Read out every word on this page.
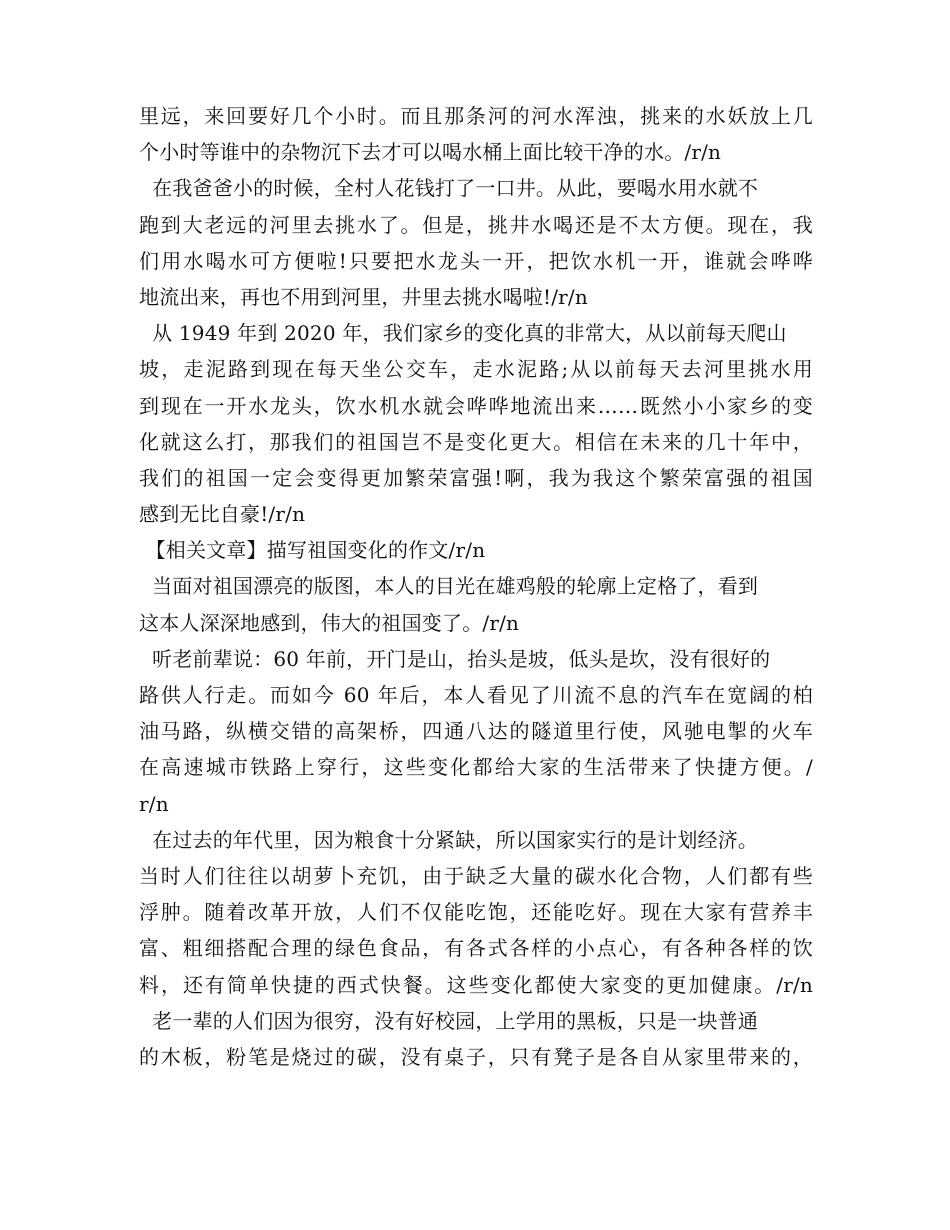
里远，来回要好几个小时。而且那条河的河水浑浊，挑来的水妖放上几
个小时等谁中的杂物沉下去才可以喝水桶上面比较干净的水。/r/n
在我爸爸小的时候，全村人花钱打了一口井。从此，要喝水用水就不
跑到大老远的河里去挑水了。但是，挑井水喝还是不太方便。现在，我
们用水喝水可方便啦!只要把水龙头一开，把饮水机一开，谁就会哗哗
地流出来，再也不用到河里，井里去挑水喝啦!/r/n
从 1949 年到 2020 年，我们家乡的变化真的非常大，从以前每天爬山
坡，走泥路到现在每天坐公交车，走水泥路;从以前每天去河里挑水用
到现在一开水龙头，饮水机水就会哗哗地流出来……既然小小家乡的变
化就这么打，那我们的祖国岂不是变化更大。相信在未来的几十年中，
我们的祖国一定会变得更加繁荣富强!啊，我为我这个繁荣富强的祖国
感到无比自豪!/r/n
【相关文章】描写祖国变化的作文/r/n
当面对祖国漂亮的版图，本人的目光在雄鸡般的轮廓上定格了，看到
这本人深深地感到，伟大的祖国变了。/r/n
听老前辈说：60 年前，开门是山，抬头是坡，低头是坎，没有很好的
路供人行走。而如今 60 年后，本人看见了川流不息的汽车在宽阔的柏
油马路，纵横交错的高架桥，四通八达的隧道里行使，风驰电掣的火车
在高速城市铁路上穿行，这些变化都给大家的生活带来了快捷方便。/
r/n
在过去的年代里，因为粮食十分紧缺，所以国家实行的是计划经济。
当时人们往往以胡萝卜充饥，由于缺乏大量的碳水化合物，人们都有些
浮肿。随着改革开放，人们不仅能吃饱，还能吃好。现在大家有营养丰
富、粗细搭配合理的绿色食品，有各式各样的小点心，有各种各样的饮
料，还有简单快捷的西式快餐。这些变化都使大家变的更加健康。/r/n
老一辈的人们因为很穷，没有好校园，上学用的黑板，只是一块普通
的木板，粉笔是烧过的碳，没有桌子，只有凳子是各自从家里带来的，
